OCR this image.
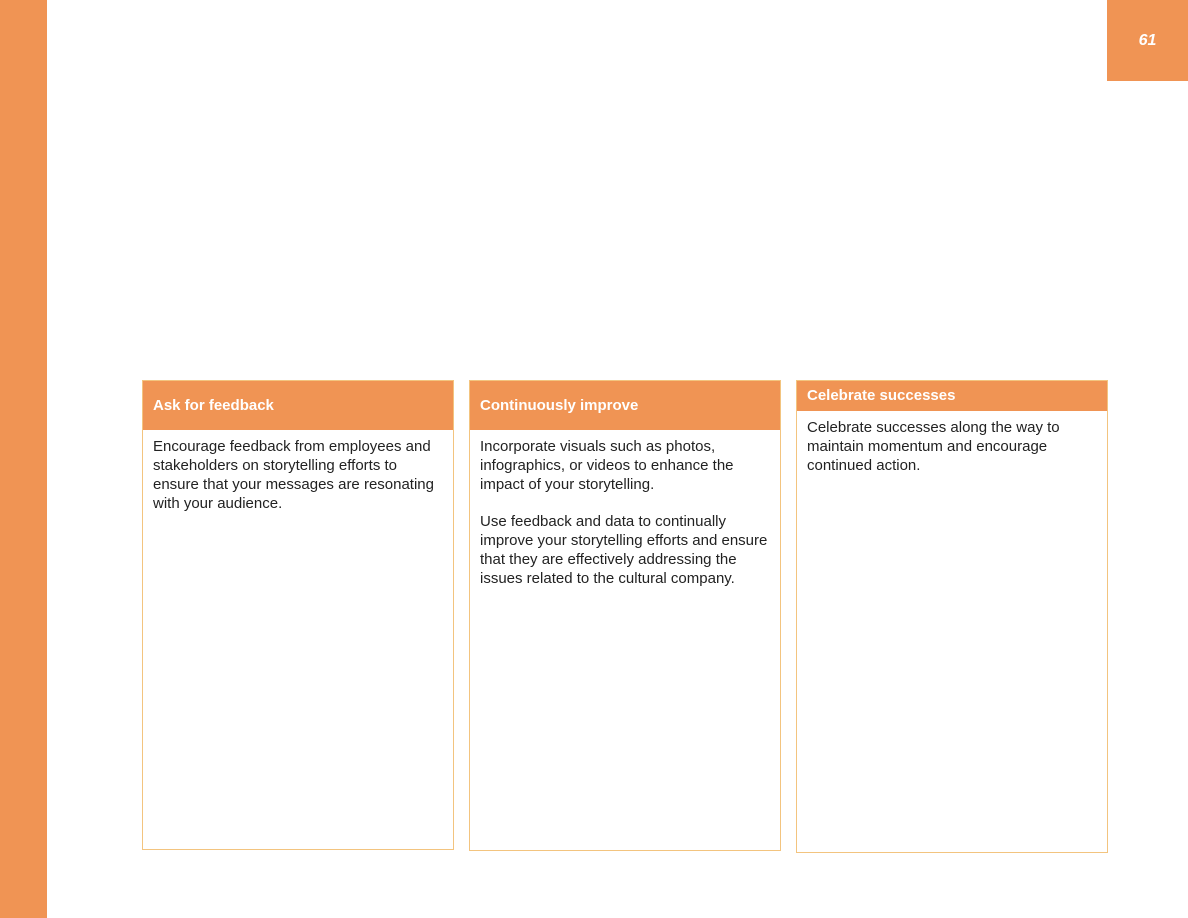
61
Ask for feedback

Encourage feedback from employees and stakeholders on storytelling efforts to ensure that your messages are resonating with your audience.

Continuously improve

Incorporate visuals such as photos, infographics, or videos to enhance the impact of your storytelling.

Use feedback and data to continually improve your storytelling efforts and ensure that they are effectively addressing the issues related to the cultural company.

Celebrate successes

Celebrate successes along the way to maintain momentum and encourage continued action.
